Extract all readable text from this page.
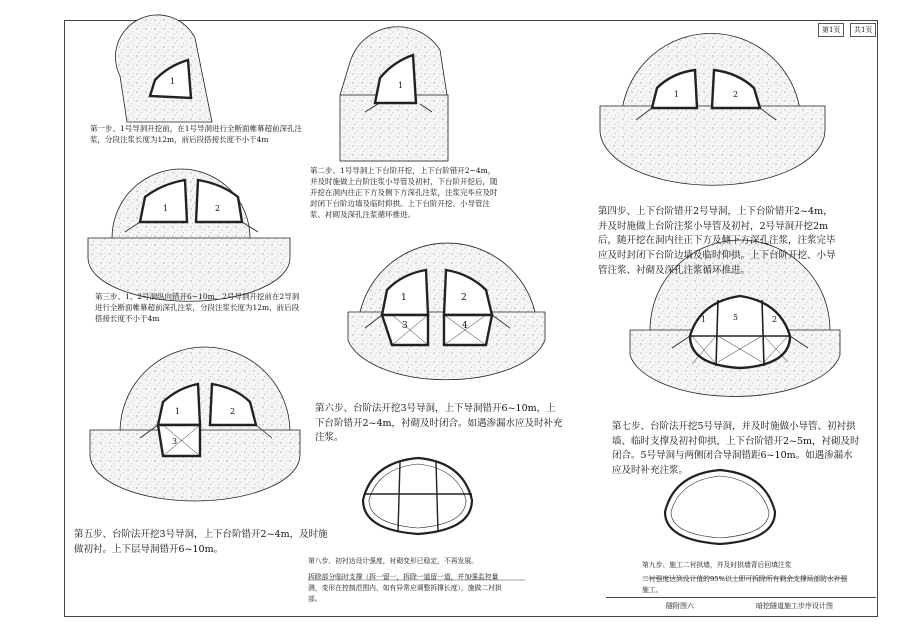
第1页	共1页
1	1
1	2
1	2
1	2
3
1	2
3	4
1	5	2
第一步、1号导洞开挖前，在1号导洞进行全断面帷幕超前深孔注浆，分段注浆长度为12m，前后段搭接长度不小于4m
第二步、1号导洞上下台阶开挖，上下台阶错开2~4m，并及时施做上台阶注浆小导管及初衬，下台阶开挖后，随开挖在洞内往正下方及侧下方深孔注浆，注浆完毕应及时封闭下台阶边墙及临时仰拱。上下台阶开挖、小导管注浆、衬砌及深孔注浆循环推进。
第三步、1、2号洞纵向错开6~10m，2号导洞开挖前在2导洞进行全断面帷幕超前深孔注浆，分段注浆长度为12m，前后段搭接长度不小于4m
第四步、上下台阶错开2号导洞，上下台阶错开2~4m，并及时施做上台阶注浆小导管及初衬，2号导洞开挖2m后，随开挖在洞内往正下方及侧下方深孔注浆，注浆完毕应及时封闭下台阶边墙及临时仰拱。上下台阶开挖、小导管注浆、衬砌及深孔注浆循环推进。
第五步、台阶法开挖3号导洞，上下台阶错开2~4m，及时施做初衬。上下层导洞错开6~10m。
第六步、台阶法开挖3号导洞，上下导洞错开6~10m，上下台阶错开2~4m，衬砌及时闭合。如遇渗漏水应及时补充注浆。
第七步、台阶法开挖5号导洞，并及时施做小导管、初衬拱墙、临时支撑及初衬仰拱，上下台阶错开2~5m，衬砌及时闭合。5号导洞与两侧闭合导洞错距6~10m。如遇渗漏水应及时补充注浆。
第八步、初衬达设计强度，衬砌变形已稳定，不再发展。
拆除部分临时支撑（拆一留一，拆除一道留一道，并加强监控量测，变形在控制范围内，如有异常应调整拆撑长度），施做二衬拱部。
第九步、施工二衬拱墙，并及时拱墙背后回填注浆
二衬强度达到设计值的95%以上即可拆除所有剩余支撑局部防水补强施工。
隧附图六	暗挖隧道施工步序设计图
